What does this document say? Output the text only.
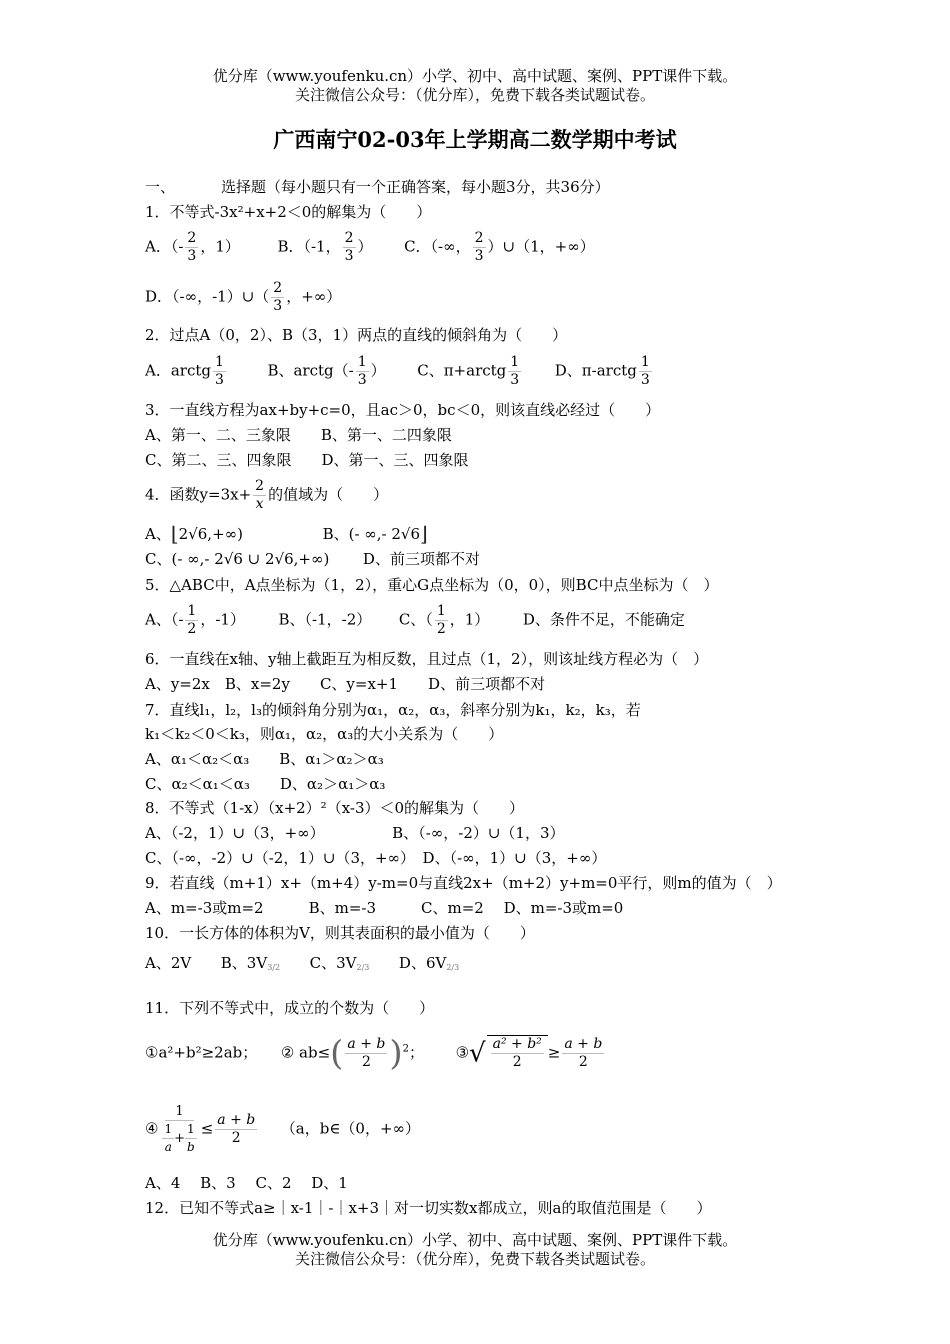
优分库（www.youfenku.cn）小学、初中、高中试题、案例、PPT课件下载。
关注微信公众号：（优分库），免费下载各类试题试卷。
广西南宁02-03年上学期高二数学期中考试
一、	选择题（每小题只有一个正确答案，每小题3分，共36分）
1．不等式-3x²+x+2＜0的解集为（　　）
A．（- $\frac{2}{3}$ ，1）	B．（-1， $\frac{2}{3}$ ） C．（-∞， $\frac{2}{3}$ ）∪（1，+∞）
D．（-∞，-1）∪（ $\frac{2}{3}$ ，+∞）
2．过点A（0，2）、B（3，1）两点的直线的倾斜角为（　　）
A．arctg $\frac{1}{3}$	B、arctg（- $\frac{1}{3}$ ） C、π+arctg $\frac{1}{3}$ D、π-arctg $\frac{1}{3}$
3．一直线方程为ax+by+c=0，且ac＞0，bc＜0，则该直线必经过（　　）
A、第一、二、三象限　　B、第一、二四象限
C、第二、三、四象限　　D、第一、三、四象限
4．函数$y=3x+ \frac{2}{x}$ 的值域为（　　）
A、⌊2√6,+∞)	B、(- ∞,- 2√6⌋
C、(- ∞,- 2√6 ∪ 2√6,+∞) D、前三项都不对
5．△ABC中，A点坐标为（1，2），重心G点坐标为（0，0），则BC中点坐标为（　）
A、（- $\frac{1}{2}$ ，-1） B、（-1，-2） C、（ $\frac{1}{2}$ ，1） D、条件不足，不能确定
6．一直线在x轴、y轴上截距互为相反数，且过点（1，2），则该址线方程必为（　）
A、y=2x　B、x=2y　　C、y=x+1　　D、前三项都不对
7．直线l₁，l₂，l₃的倾斜角分别为α₁，α₂，α₃，斜率分别为k₁，k₂，k₃，若
k₁＜k₂＜0＜k₃，则α₁，α₂，α₃的大小关系为（　　）
A、α₁＜α₂＜α₃　　B、α₁＞α₂＞α₃
C、α₂＜α₁＜α₃　　D、α₂＞α₁＞α₃
8．不等式（1-x）（x+2）²（x-3）＜0的解集为（　　）
A、（-2，1）∪（3，+∞）　　　　　B、（-∞，-2）∪（1，3）
C、（-∞，-2）∪（-2，1）∪（3，+∞）　D、（-∞，1）∪（3，+∞）
9．若直线（m+1）x+（m+4）y-m=0与直线2x+（m+2）y+m=0平行，则m的值为（　）
A、m=-3或m=2　　　B、m=-3　　　C、m=2　 D、m=-3或m=0
10．一长方体的体积为V，则其表面积的最小值为（　　）
A、2V B、3V3/2 C、3V2/3 D、6V2/3
11．下列不等式中，成立的个数为（　　）
①a²+b²≥2ab； ② $ab\le( \frac{a + b}{2} )^2$； ③√ $\frac{\text{a² + b²}}{2} \ge \frac{a + b}{2}$
④ $\frac{1}{\frac{1}{a} + \frac{1}{b}} \le \frac{a + b}{2} (a$，b∈（0，+∞）
A、4　 B、3　 C、2　 D、1
12．已知不等式a≥｜x-1｜-｜x+3｜对一切实数x都成立，则a的取值范围是（　　）
优分库（www.youfenku.cn）小学、初中、高中试题、案例、PPT课件下载。
关注微信公众号：（优分库），免费下载各类试题试卷。
